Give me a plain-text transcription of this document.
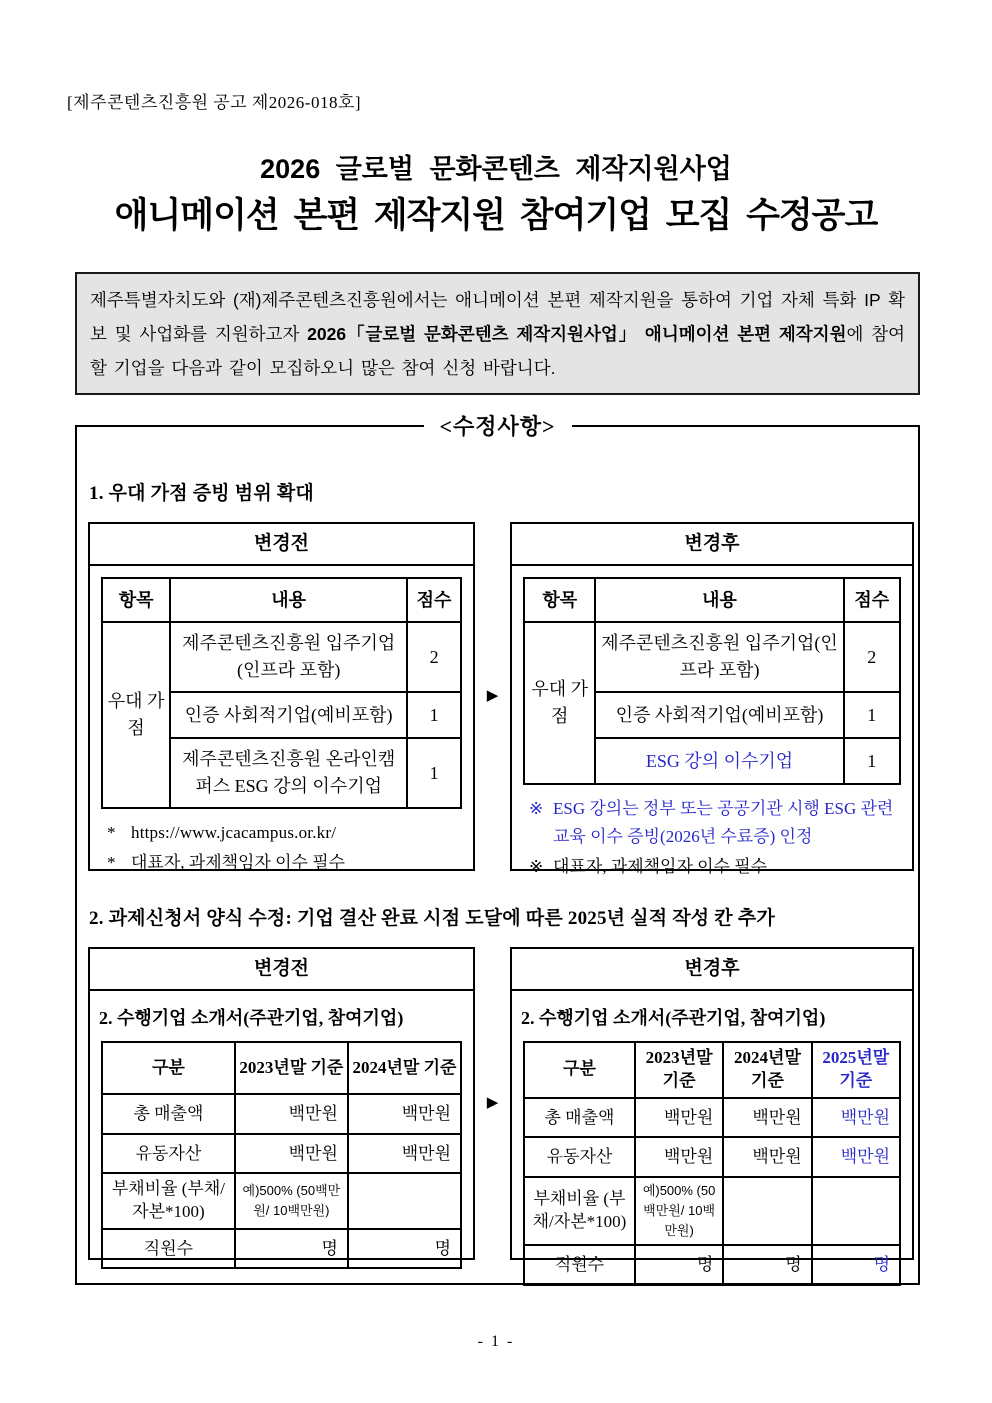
[제주콘텐츠진흥원 공고 제2026-018호]
2026 글로벌 문화콘텐츠 제작지원사업
애니메이션 본편 제작지원 참여기업 모집 수정공고
제주특별자치도와 (재)제주콘텐츠진흥원에서는 애니메이션 본편 제작지원을 통하여 기업 자체 특화 IP 확보 및 사업화를 지원하고자 2026「글로벌 문화콘텐츠 제작지원사업」 애니메이션 본편 제작지원에 참여할 기업을 다음과 같이 모집하오니 많은 참여 신청 바랍니다.
<수정사항>
1. 우대 가점 증빙 범위 확대
변경전
항목	내용	점수
우대 가점	제주콘텐츠진흥원 입주기업(인프라 포함)	2
	인증 사회적기업(예비포함)	1
	제주콘텐츠진흥원 온라인캠퍼스 ESG 강의 이수기업	1
* https://www.jcacampus.or.kr/
* 대표자, 과제책임자 이수 필수
▶
변경후
항목	내용	점수
우대 가점	제주콘텐츠진흥원 입주기업(인프라 포함)	2
	인증 사회적기업(예비포함)	1
	ESG 강의 이수기업	1
※ ESG 강의는 정부 또는 공공기관 시행 ESG 관련 교육 이수 증빙(2026년 수료증) 인정
※ 대표자, 과제책임자 이수 필수
2. 과제신청서 양식 수정: 기업 결산 완료 시점 도달에 따른 2025년 실적 작성 칸 추가
변경전
2. 수행기업 소개서(주관기업, 참여기업)
구분	2023년말 기준	2024년말 기준
총 매출액	백만원	백만원
유동자산	백만원	백만원
부채비율 (부채/자본*100)	예)500% (50백만원/ 10백만원)	
직원수	명	명
▶
변경후
2. 수행기업 소개서(주관기업, 참여기업)
구분	2023년말 기준	2024년말 기준	2025년말 기준
총 매출액	백만원	백만원	백만원
유동자산	백만원	백만원	백만원
부채비율 (부채/자본*100)	예)500% (50백만원/ 10백만원)		
직원수	명	명	명
- 1 -
